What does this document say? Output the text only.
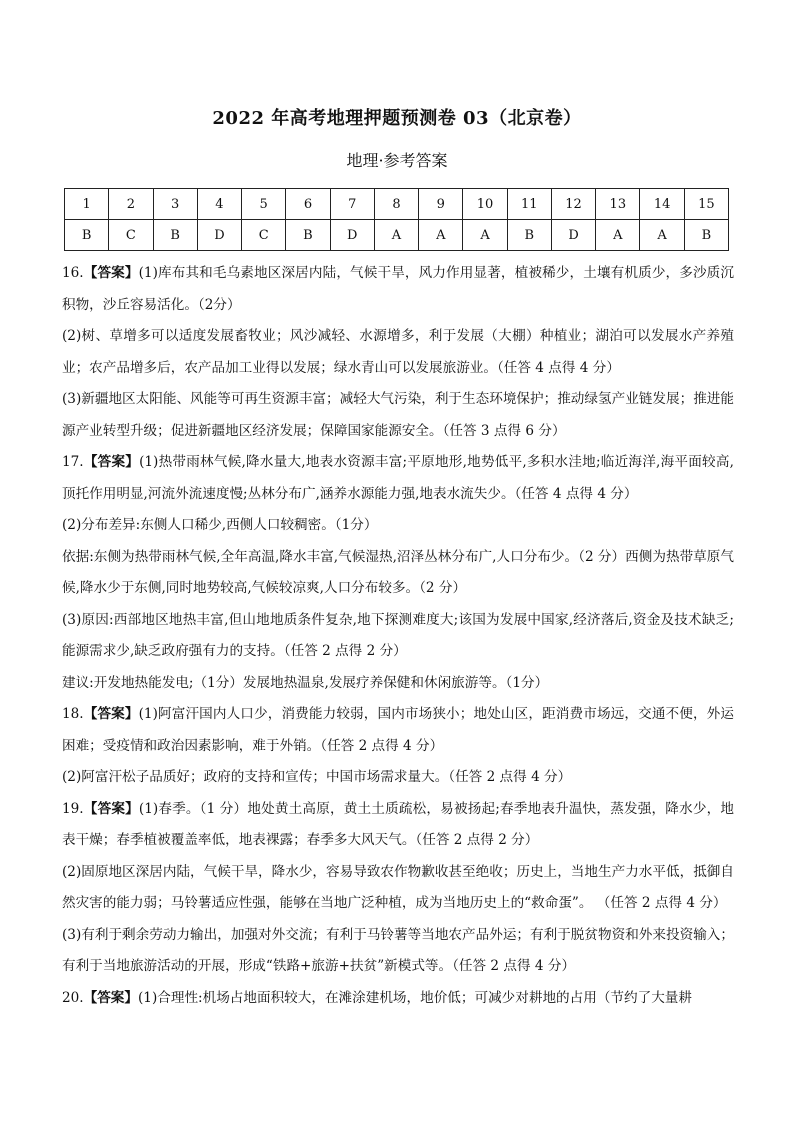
2022 年高考地理押题预测卷 03（北京卷）
地理·参考答案
1	2	3	4	5	6	7	8	9	10	11	12	13	14	15
B	C	B	D	C	B	D	A	A	A	B	D	A	A	B

16.【答案】(1)库布其和毛乌素地区深居内陆，气候干旱，风力作用显著，植被稀少，土壤有机质少，多沙质沉积物，沙丘容易活化。（2分）

(2)树、草增多可以适度发展畜牧业；风沙减轻、水源增多，利于发展（大棚）种植业；湖泊可以发展水产养殖业；农产品增多后，农产品加工业得以发展；绿水青山可以发展旅游业。（任答 4 点得 4 分）

(3)新疆地区太阳能、风能等可再生资源丰富；减轻大气污染，利于生态环境保护；推动绿氢产业链发展；推进能源产业转型升级；促进新疆地区经济发展；保障国家能源安全。（任答 3 点得 6 分）

17.【答案】(1)热带雨林气候,降水量大,地表水资源丰富;平原地形,地势低平,多积水洼地;临近海洋,海平面较高,顶托作用明显,河流外流速度慢;丛林分布广,涵养水源能力强,地表水流失少。（任答 4 点得 4 分）

(2)分布差异:东侧人口稀少,西侧人口较稠密。（1分）

依据:东侧为热带雨林气候,全年高温,降水丰富,气候湿热,沼泽丛林分布广,人口分布少。（2 分）西侧为热带草原气候,降水少于东侧,同时地势较高,气候较凉爽,人口分布较多。（2 分）

(3)原因:西部地区地热丰富,但山地地质条件复杂,地下探测难度大;该国为发展中国家,经济落后,资金及技术缺乏;能源需求少,缺乏政府强有力的支持。（任答 2 点得 2 分）

建议:开发地热能发电;（1分）发展地热温泉,发展疗养保健和休闲旅游等。（1分）

18.【答案】(1)阿富汗国内人口少，消费能力较弱，国内市场狭小；地处山区，距消费市场远，交通不便，外运困难；受疫情和政治因素影响，难于外销。（任答 2 点得 4 分）

(2)阿富汗松子品质好；政府的支持和宣传；中国市场需求量大。（任答 2 点得 4 分）

19.【答案】(1)春季。（1 分）地处黄土高原，黄土土质疏松，易被扬起;春季地表升温快，蒸发强，降水少，地表干燥；春季植被覆盖率低，地表裸露；春季多大风天气。（任答 2 点得 2 分）

(2)固原地区深居内陆，气候干旱，降水少，容易导致农作物歉收甚至绝收；历史上，当地生产力水平低，抵御自然灾害的能力弱；马铃薯适应性强，能够在当地广泛种植，成为当地历史上的“救命蛋”。 （任答 2 点得 4 分）

(3)有利于剩余劳动力输出，加强对外交流；有利于马铃薯等当地农产品外运；有利于脱贫物资和外来投资输入；有利于当地旅游活动的开展，形成“铁路+旅游+扶贫”新模式等。（任答 2 点得 4 分）

20.【答案】(1)合理性:机场占地面积较大，在滩涂建机场，地价低；可减少对耕地的占用（节约了大量耕
